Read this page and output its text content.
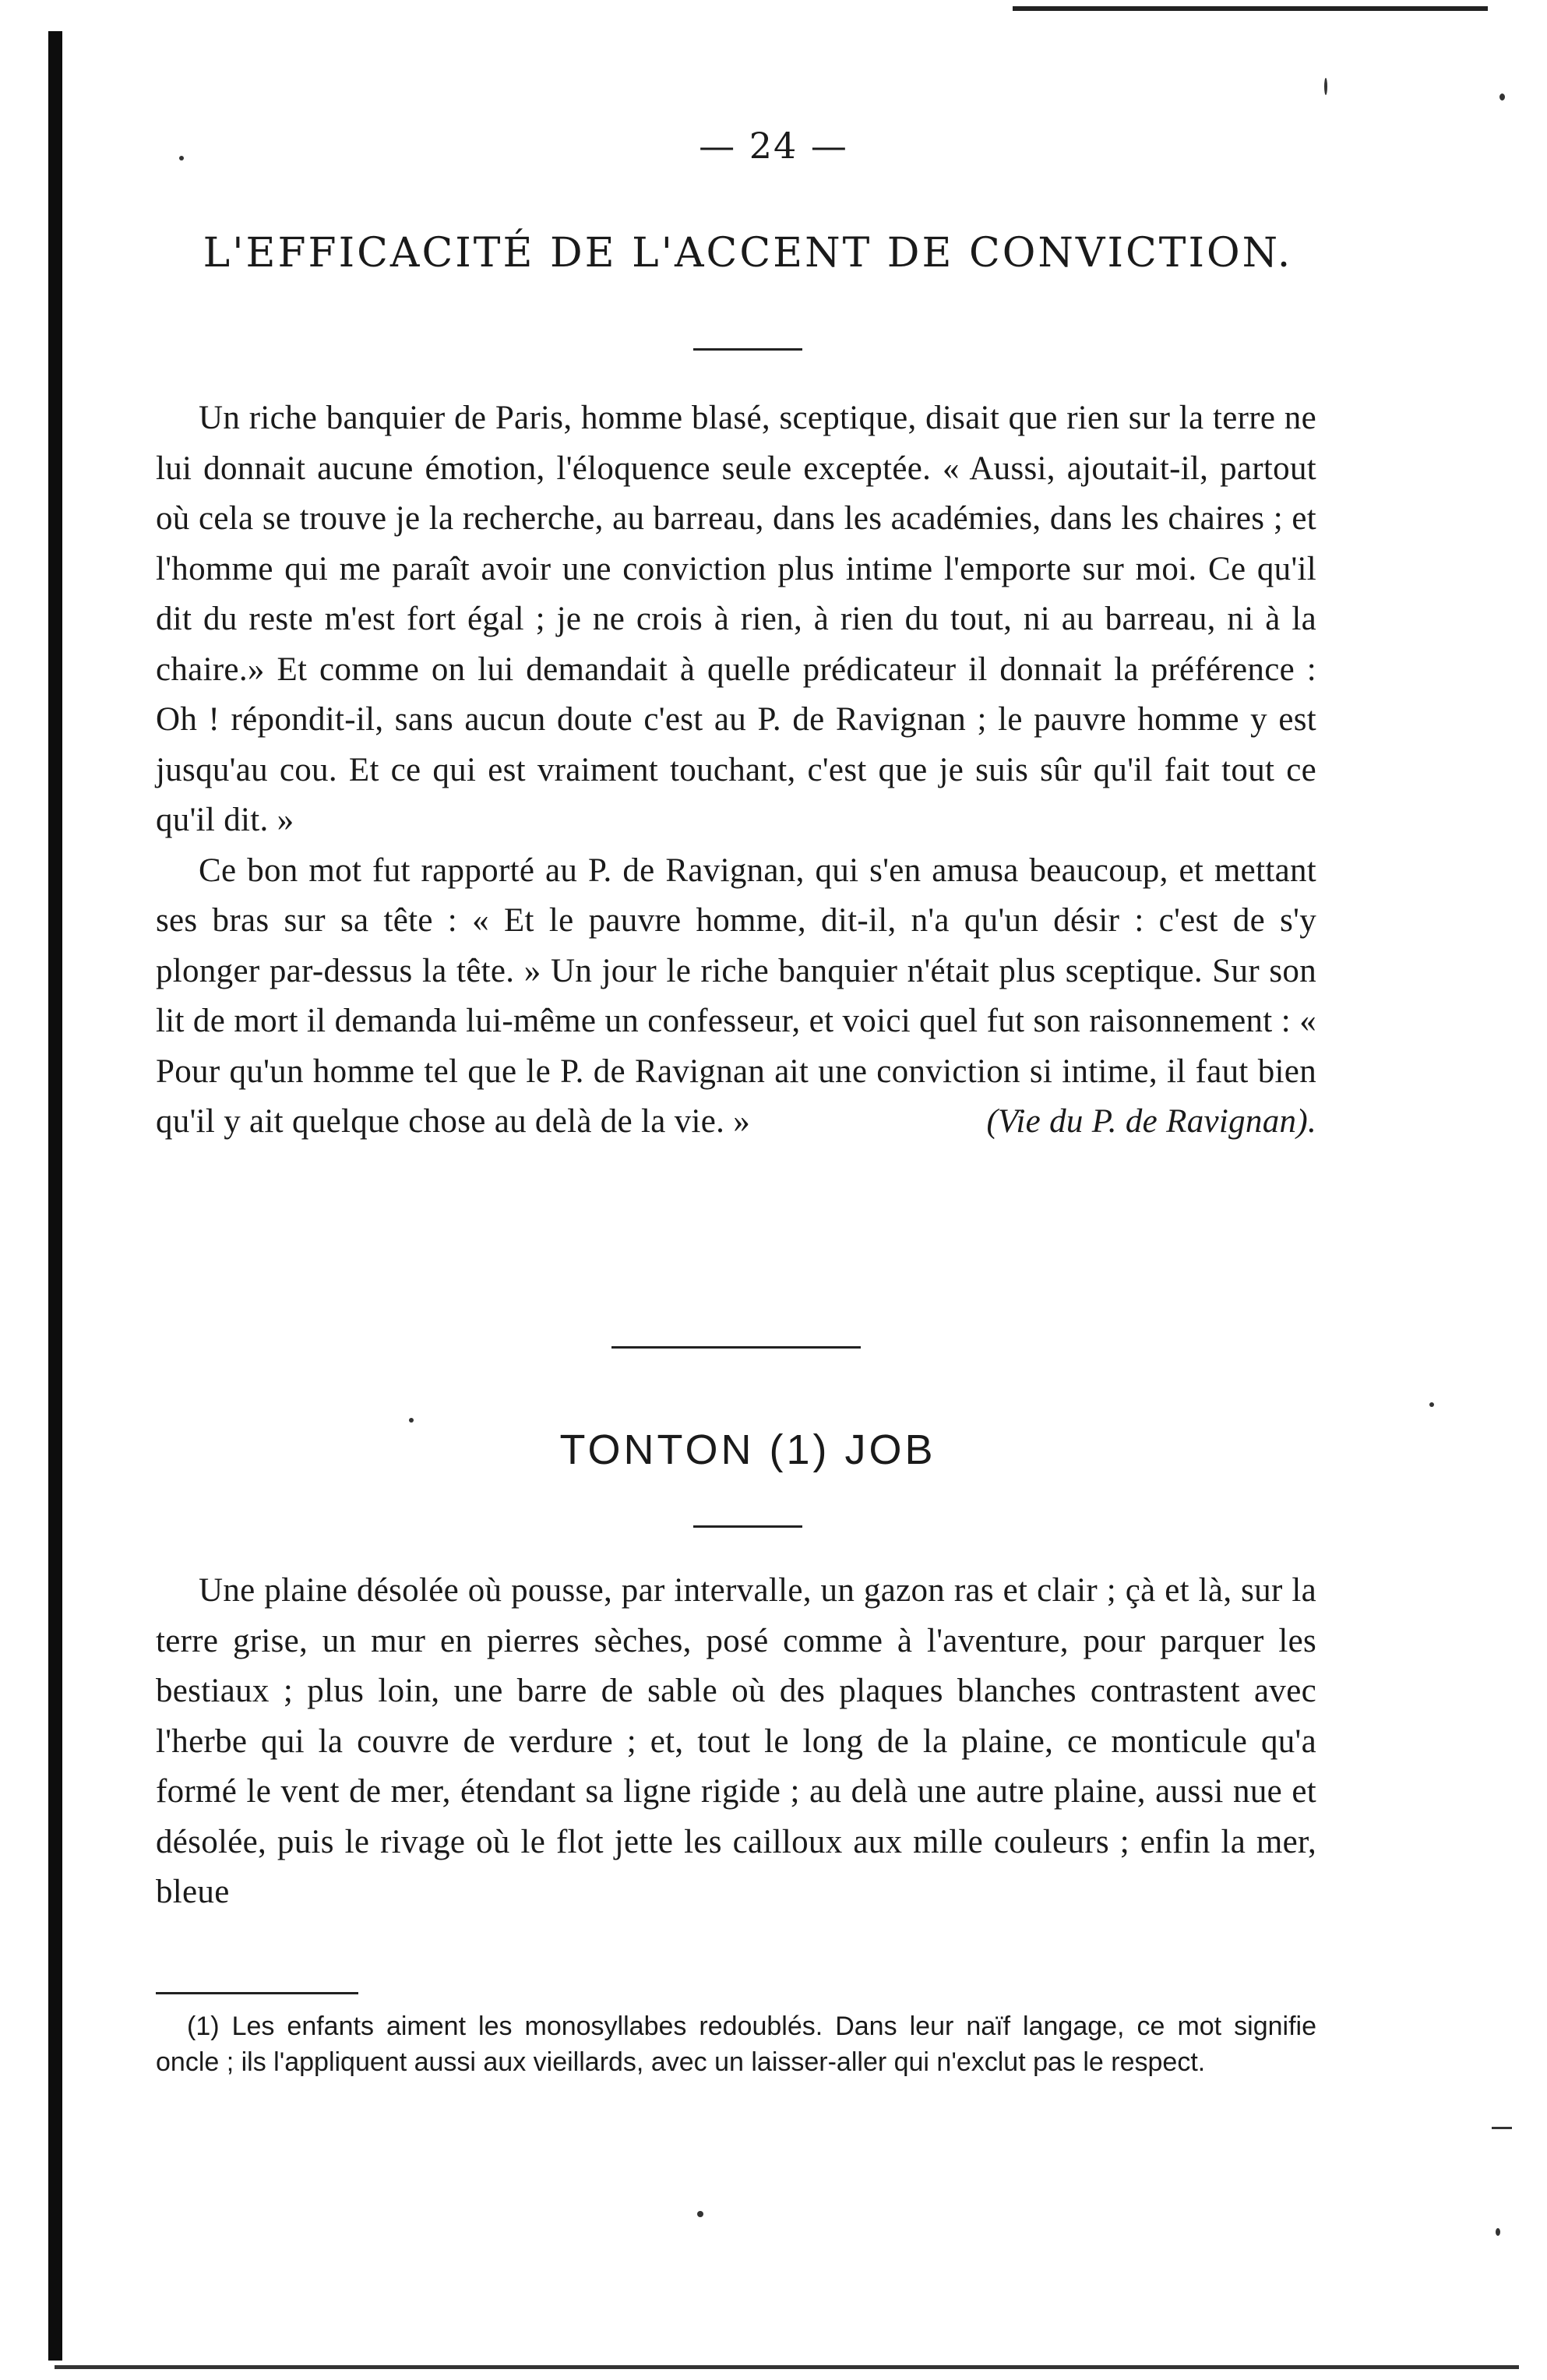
— 24 —
L'EFFICACITÉ DE L'ACCENT DE CONVICTION.

Un riche banquier de Paris, homme blasé, sceptique, disait que rien sur la terre ne lui donnait aucune émotion, l'éloquence seule exceptée. « Aussi, ajoutait-il, partout où cela se trouve je la recherche, au barreau, dans les académies, dans les chaires ; et l'homme qui me paraît avoir une conviction plus intime l'emporte sur moi. Ce qu'il dit du reste m'est fort égal ; je ne crois à rien, à rien du tout, ni au barreau, ni à la chaire.» Et comme on lui demandait à quelle prédicateur il donnait la préférence : Oh ! répondit-il, sans aucun doute c'est au P. de Ravignan ; le pauvre homme y est jusqu'au cou. Et ce qui est vraiment touchant, c'est que je suis sûr qu'il fait tout ce qu'il dit. »

Ce bon mot fut rapporté au P. de Ravignan, qui s'en amusa beaucoup, et mettant ses bras sur sa tête : « Et le pauvre homme, dit-il, n'a qu'un désir : c'est de s'y plonger par-dessus la tête. » Un jour le riche banquier n'était plus sceptique. Sur son lit de mort il demanda lui-même un confesseur, et voici quel fut son raisonnement : « Pour qu'un homme tel que le P. de Ravignan ait une conviction si intime, il faut bien qu'il y ait quelque chose au delà de la vie. »	(Vie du P. de Ravignan).

TONTON (1) JOB

Une plaine désolée où pousse, par intervalle, un gazon ras et clair ; çà et là, sur la terre grise, un mur en pierres sèches, posé comme à l'aventure, pour parquer les bestiaux ; plus loin, une barre de sable où des plaques blanches contrastent avec l'herbe qui la couvre de verdure ; et, tout le long de la plaine, ce monticule qu'a formé le vent de mer, étendant sa ligne rigide ; au delà une autre plaine, aussi nue et désolée, puis le rivage où le flot jette les cailloux aux mille couleurs ; enfin la mer, bleue

(1) Les enfants aiment les monosyllabes redoublés. Dans leur naïf langage, ce mot signifie oncle ; ils l'appliquent aussi aux vieillards, avec un laisser-aller qui n'exclut pas le respect.
